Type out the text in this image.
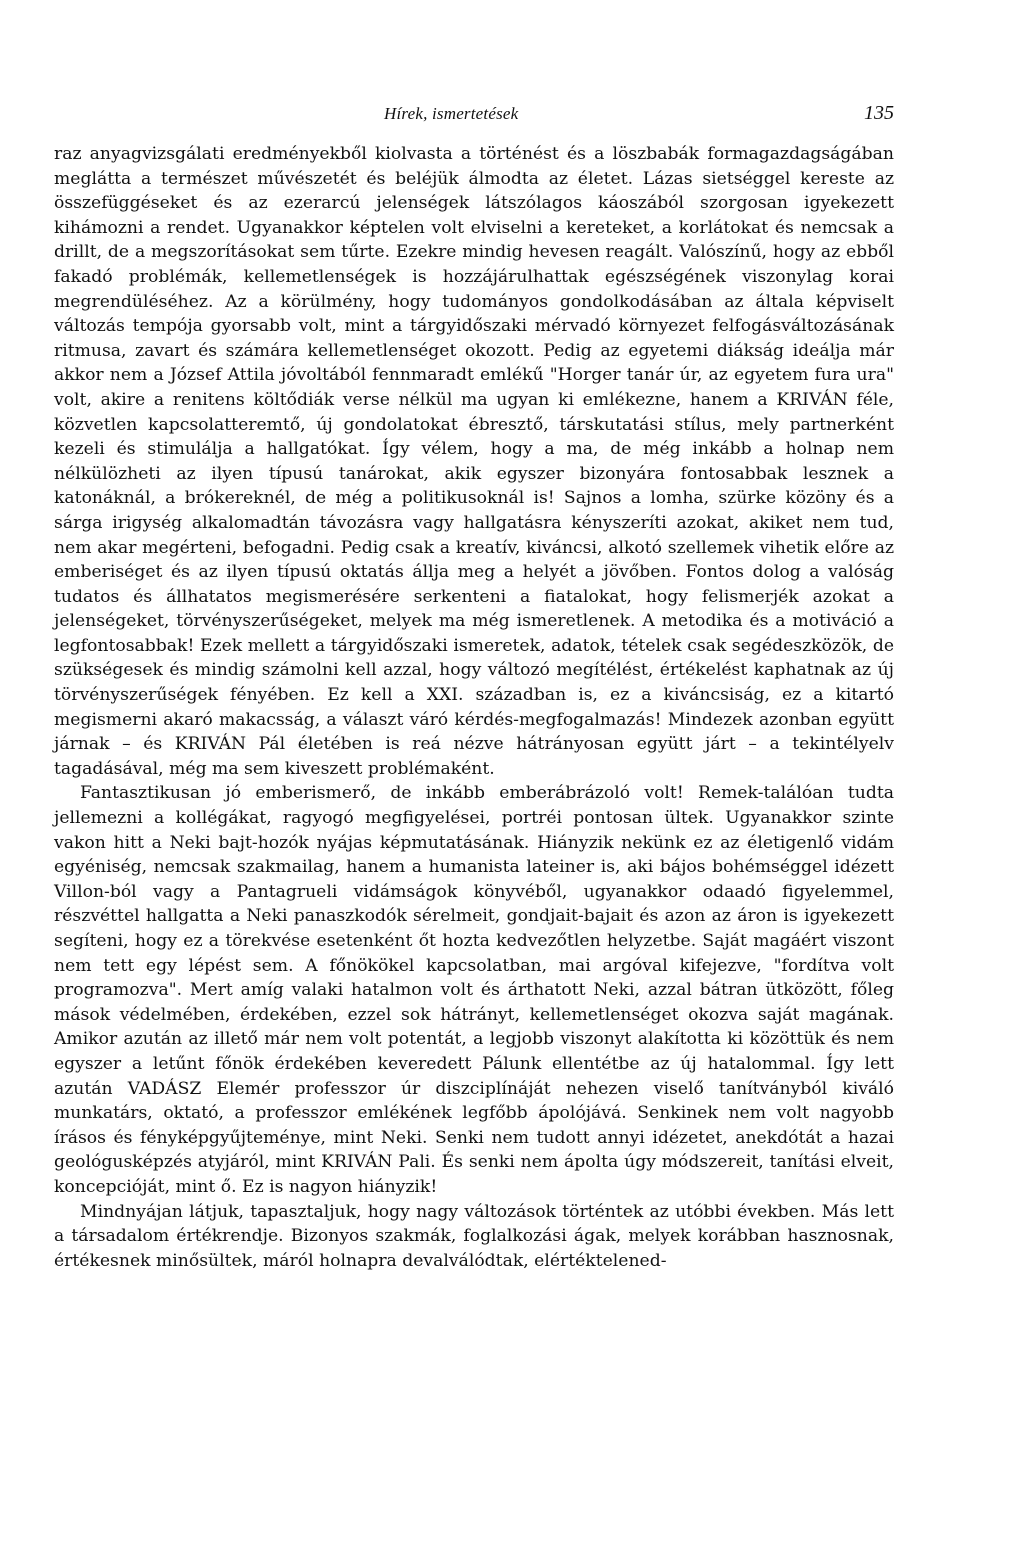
Hírek, ismertetések	135

raz anyagvizsgálati eredményekből kiolvasta a történést és a löszbabák formagazdagságában meglátta a természet művészetét és beléjük álmodta az életet. Lázas sietséggel kereste az összefüggéseket és az ezerarcú jelenségek látszólagos káoszából szorgosan igyekezett kihámozni a rendet. Ugyanakkor képtelen volt elviselni a kereteket, a korlátokat és nemcsak a drillt, de a megszorításokat sem tűrte. Ezekre mindig hevesen reagált. Valószínű, hogy az ebből fakadó problémák, kellemetlenségek is hozzájárulhattak egészségének viszonylag korai megrendüléséhez. Az a körülmény, hogy tudományos gondolkodásában az általa képviselt változás tempója gyorsabb volt, mint a tárgyidőszaki mérvadó környezet felfogásváltozásának ritmusa, zavart és számára kellemetlenséget okozott. Pedig az egyetemi diákság ideálja már akkor nem a József Attila jóvoltából fennmaradt emlékű "Horger tanár úr, az egyetem fura ura" volt, akire a renitens költődiák verse nélkül ma ugyan ki emlékezne, hanem a KRIVÁN féle, közvetlen kapcsolatteremtő, új gondolatokat ébresztő, társkutatási stílus, mely partnerként kezeli és stimulálja a hallgatókat. Így vélem, hogy a ma, de még inkább a holnap nem nélkülözheti az ilyen típusú tanárokat, akik egyszer bizonyára fontosabbak lesznek a katonáknál, a brókereknél, de még a politikusoknál is! Sajnos a lomha, szürke közöny és a sárga irigység alkalomadtán távozásra vagy hallgatásra kényszeríti azokat, akiket nem tud, nem akar megérteni, befogadni. Pedig csak a kreatív, kiváncsi, alkotó szellemek vihetik előre az emberiséget és az ilyen típusú oktatás állja meg a helyét a jövőben. Fontos dolog a valóság tudatos és állhatatos megismerésére serkenteni a fiatalokat, hogy felismerjék azokat a jelenségeket, törvényszerűségeket, melyek ma még ismeretlenek. A metodika és a motiváció a legfontosabbak! Ezek mellett a tárgyidőszaki ismeretek, adatok, tételek csak segédeszközök, de szükségesek és mindig számolni kell azzal, hogy változó megítélést, értékelést kaphatnak az új törvényszerűségek fényében. Ez kell a XXI. században is, ez a kiváncsiság, ez a kitartó megismerni akaró makacsság, a választ váró kérdés-megfogalmazás! Mindezek azonban együtt járnak – és KRIVÁN Pál életében is reá nézve hátrányosan együtt járt – a tekintélyelv tagadásával, még ma sem kiveszett problémaként.

Fantasztikusan jó emberismerő, de inkább emberábrázoló volt! Remek-találóan tudta jellemezni a kollégákat, ragyogó megfigyelései, portréi pontosan ültek. Ugyanakkor szinte vakon hitt a Neki bajt-hozók nyájas képmutatásának. Hiányzik nekünk ez az életigenlő vidám egyéniség, nemcsak szakmailag, hanem a humanista lateiner is, aki bájos bohémséggel idézett Villon-ból vagy a Pantagrueli vidámságok könyvéből, ugyanakkor odaadó figyelemmel, részvéttel hallgatta a Neki panaszkodók sérelmeit, gondjait-bajait és azon az áron is igyekezett segíteni, hogy ez a törekvése esetenként őt hozta kedvezőtlen helyzetbe. Saját magáért viszont nem tett egy lépést sem. A főnökökel kapcsolatban, mai argóval kifejezve, "fordítva volt programozva". Mert amíg valaki hatalmon volt és árthatott Neki, azzal bátran ütközött, főleg mások védelmében, érdekében, ezzel sok hátrányt, kellemetlenséget okozva saját magának. Amikor azután az illető már nem volt potentát, a legjobb viszonyt alakította ki közöttük és nem egyszer a letűnt főnök érdekében keveredett Pálunk ellentétbe az új hatalommal. Így lett azután VADÁSZ Elemér professzor úr diszciplínáját nehezen viselő tanítványból kiváló munkatárs, oktató, a professzor emlékének legfőbb ápolójává. Senkinek nem volt nagyobb írásos és fényképgyűjteménye, mint Neki. Senki nem tudott annyi idézetet, anekdótát a hazai geológusképzés atyjáról, mint KRIVÁN Pali. És senki nem ápolta úgy módszereit, tanítási elveit, koncepcióját, mint ő. Ez is nagyon hiányzik!

Mindnyájan látjuk, tapasztaljuk, hogy nagy változások történtek az utóbbi években. Más lett a társadalom értékrendje. Bizonyos szakmák, foglalkozási ágak, melyek korábban hasznosnak, értékesnek minősültek, máról holnapra devalválódtak, elértéktelened-
